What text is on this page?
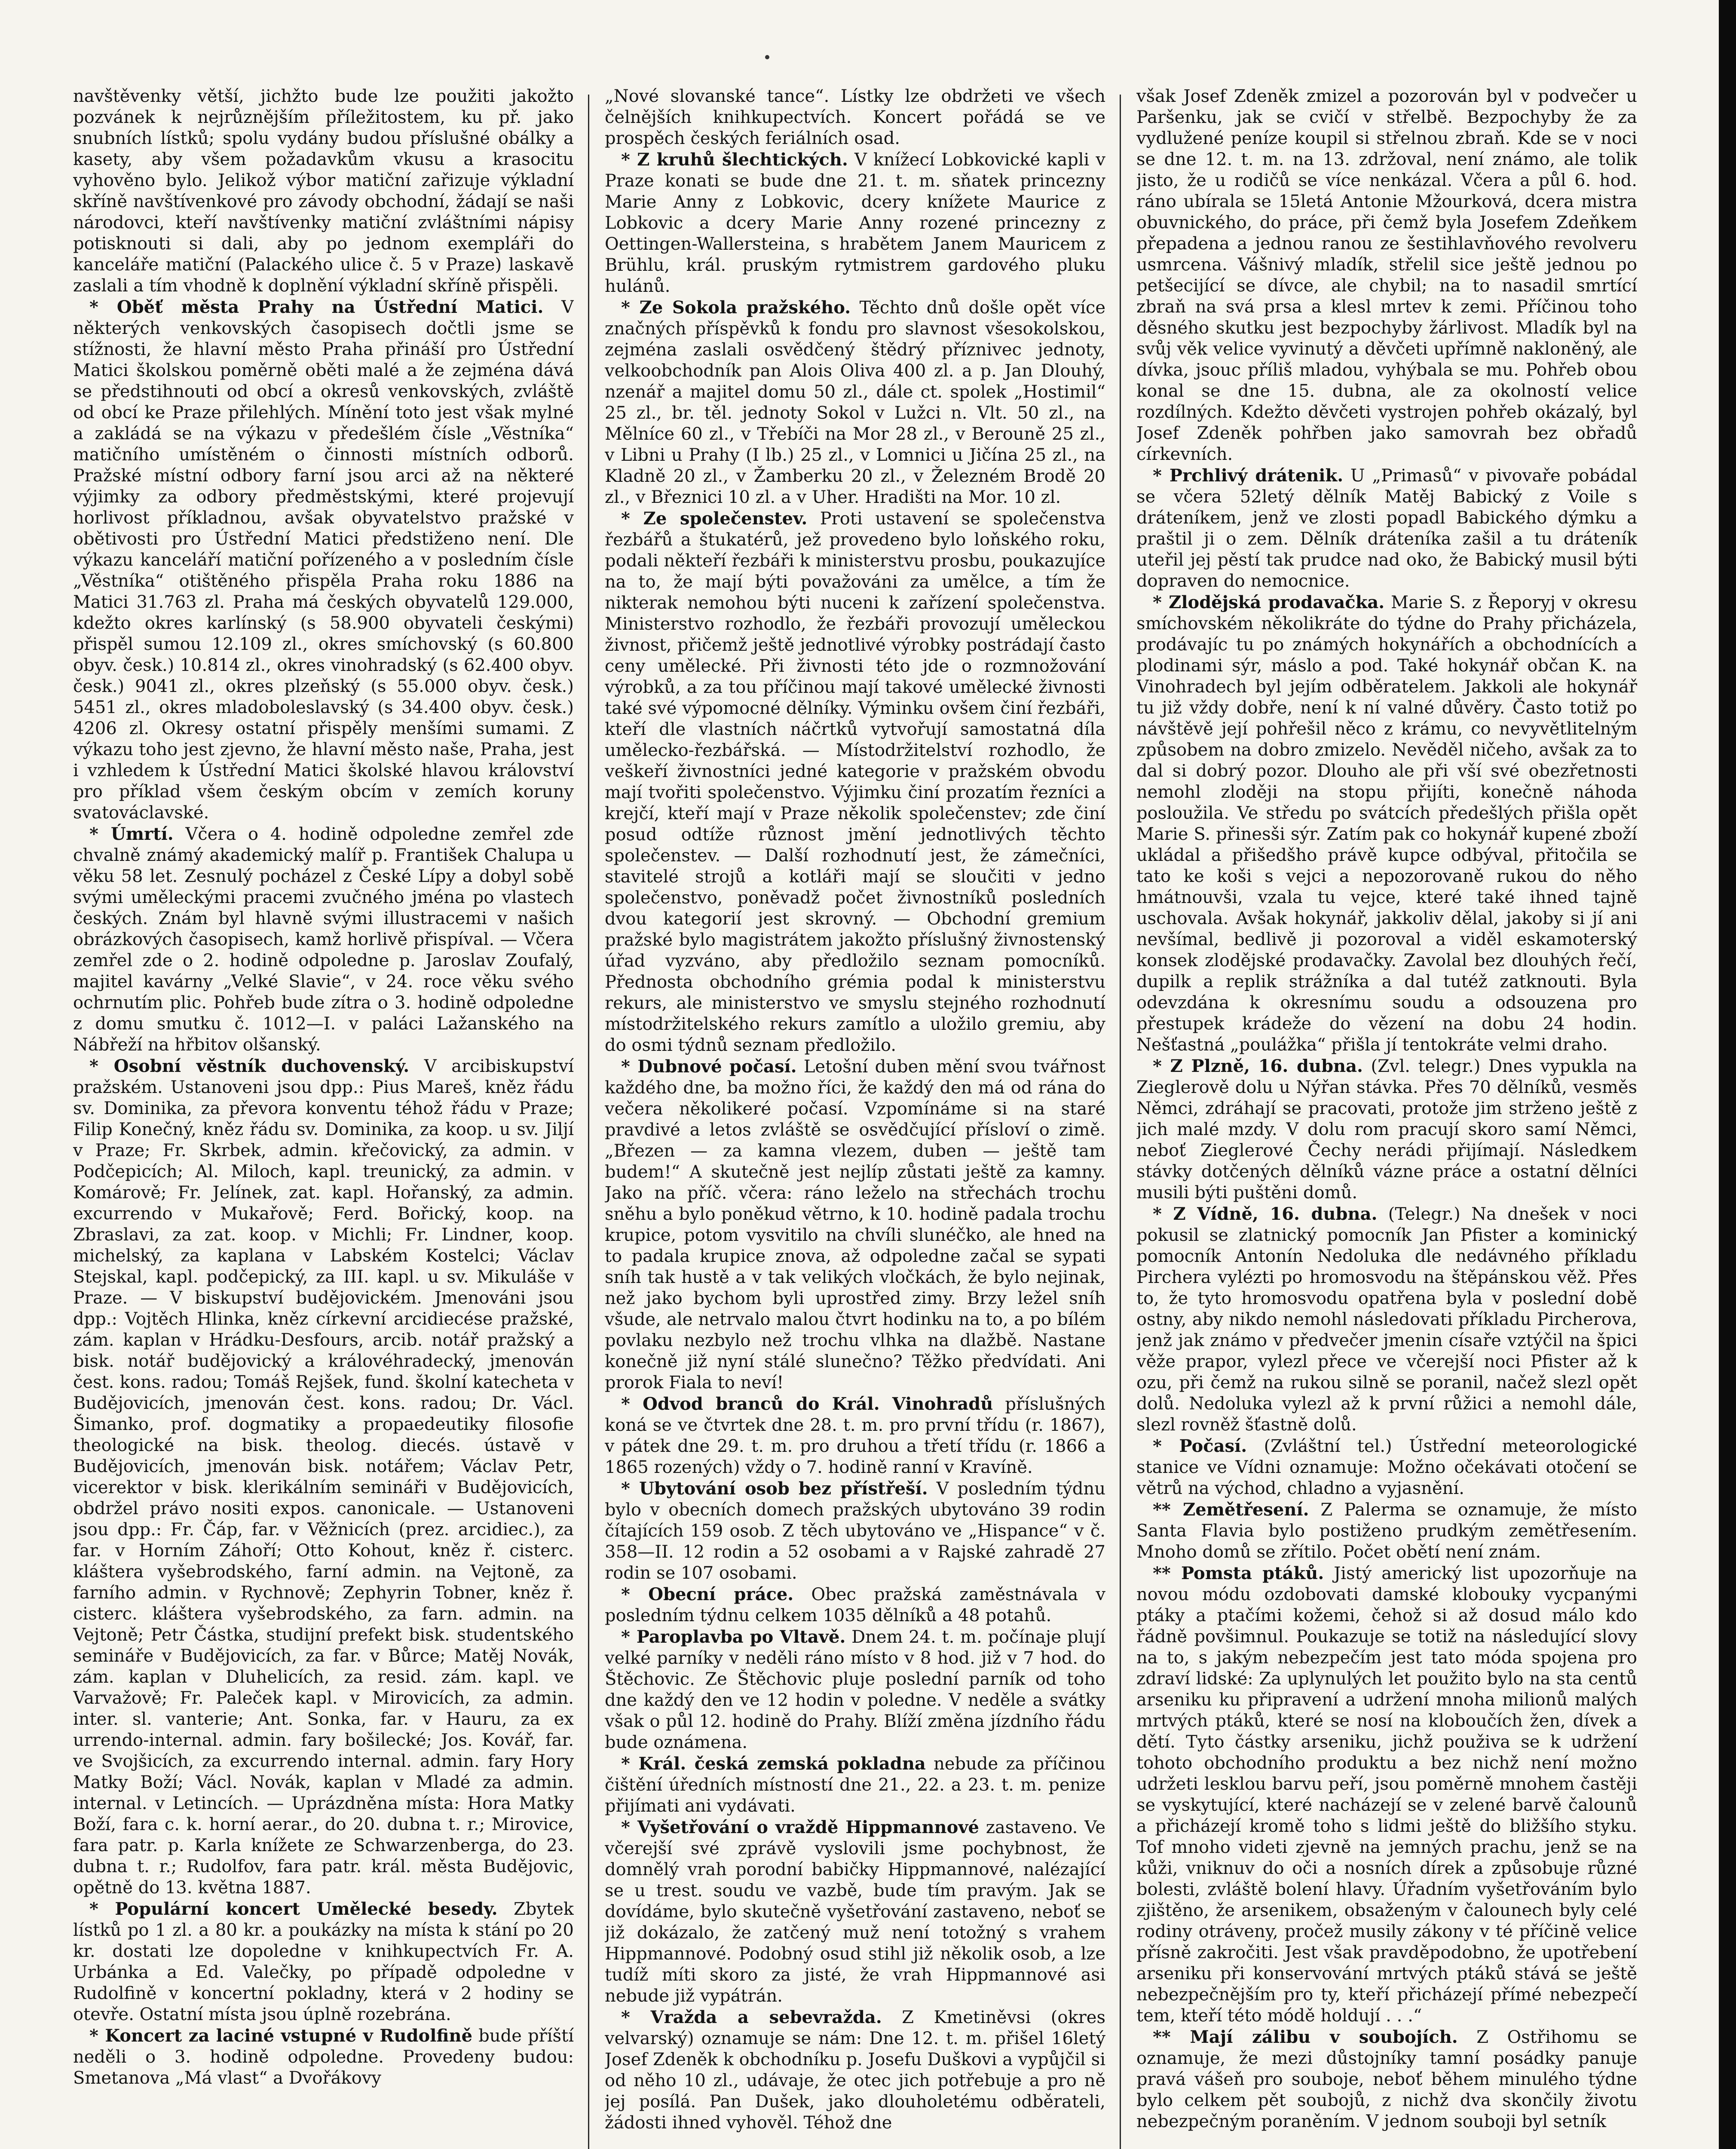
navštěvenky větší, jichžto bude lze použiti jakožto pozvánek k nejrůznějším příležitostem, ku př. jako snubních lístků; spolu vydány budou příslušné obálky a kasety, aby všem požadavkům vkusu a krasocitu vyhověno bylo. Jelikož výbor matiční zařizuje výkladní skříně navštívenkové pro závody obchodní, žádají se naši národovci, kteří navštívenky matiční zvláštními nápisy potisknouti si dali, aby po jednom exempláři do kanceláře matiční (Palackého ulice č. 5 v Praze) laskavě zaslali a tím vhodně k doplnění výkladní skříně přispěli.

* Oběť města Prahy na Ústřední Matici. V některých venkovských časopisech dočtli jsme se stížnosti, že hlavní město Praha přináší pro Ústřední Matici školskou poměrně oběti malé a že zejména dává se předstihnouti od obcí a okresů venkovských, zvláště od obcí ke Praze přilehlých. Mínění toto jest však mylné a zakládá se na výkazu v předešlém čísle „Věstníka“ matičního umístěném o činnosti místních odborů. Pražské místní odbory farní jsou arci až na některé výjimky za odbory předměstskými, které projevují horlivost příkladnou, avšak obyvatelstvo pražské v obětivosti pro Ústřední Matici předstiženo není. Dle výkazu kanceláří matiční pořízeného a v posledním čísle „Věstníka“ otištěného přispěla Praha roku 1886 na Matici 31.763 zl. Praha má českých obyvatelů 129.000, kdežto okres karlínský (s 58.900 obyvateli českými) přispěl sumou 12.109 zl., okres smíchovský (s 60.800 obyv. česk.) 10.814 zl., okres vinohradský (s 62.400 obyv. česk.) 9041 zl., okres plzeňský (s 55.000 obyv. česk.) 5451 zl., okres mladoboleslavský (s 34.400 obyv. česk.) 4206 zl. Okresy ostatní přispěly menšími sumami. Z výkazu toho jest zjevno, že hlavní město naše, Praha, jest i vzhledem k Ústřední Matici školské hlavou království pro příklad všem českým obcím v zemích koruny svatováclavské.

* Úmrtí. Včera o 4. hodině odpoledne zemřel zde chvalně známý akademický malíř p. František Chalupa u věku 58 let. Zesnulý pocházel z České Lípy a dobyl sobě svými uměleckými pracemi zvučného jména po vlastech českých. Znám byl hlavně svými illustracemi v našich obrázkových časopisech, kamž horlivě přispíval. — Včera zemřel zde o 2. hodině odpoledne p. Jaroslav Zoufalý, majitel kavárny „Velké Slavie“, v 24. roce věku svého ochrnutím plic. Pohřeb bude zítra o 3. hodině odpoledne z domu smutku č. 1012—I. v paláci Lažanského na Nábřeží na hřbitov olšanský.

* Osobní věstník duchovenský. V arcibiskupství pražském. Ustanoveni jsou dpp.: Pius Mareš, kněz řádu sv. Dominika, za převora konventu téhož řádu v Praze; Filip Konečný, kněz řádu sv. Dominika, za koop. u sv. Jiljí v Praze; Fr. Skrbek, admin. křečovický, za admin. v Podčepicích; Al. Miloch, kapl. treunický, za admin. v Komárově; Fr. Jelínek, zat. kapl. Hořanský, za admin. excurrendo v Mukařově; Ferd. Bořický, koop. na Zbraslavi, za zat. koop. v Michli; Fr. Lindner, koop. michelský, za kaplana v Labském Kostelci; Václav Stejskal, kapl. podčepický, za III. kapl. u sv. Mikuláše v Praze. — V biskupství budějovickém. Jmenováni jsou dpp.: Vojtěch Hlinka, kněz církevní arcidiecése pražské, zám. kaplan v Hrádku-Desfours, arcib. notář pražský a bisk. notář budějovický a královéhradecký, jmenován čest. kons. radou; Tomáš Rejšek, fund. školní katecheta v Budějovicích, jmenován čest. kons. radou; Dr. Václ. Šimanko, prof. dogmatiky a propaedeutiky filosofie theologické na bisk. theolog. diecés. ústavě v Budějovicích, jmenován bisk. notářem; Václav Petr, vicerektor v bisk. klerikálním semináři v Budějovicích, obdržel právo nositi expos. canonicale. — Ustanoveni jsou dpp.: Fr. Čáp, far. v Věžnicích (prez. arcidiec.), za far. v Horním Záhoří; Otto Kohout, kněz ř. cisterc. kláštera vyšebrodského, farní admin. na Vejtoně, za farního admin. v Rychnově; Zephyrin Tobner, kněz ř. cisterc. kláštera vyšebrodského, za farn. admin. na Vejtoně; Petr Částka, studijní prefekt bisk. studentského semináře v Budějovicích, za far. v Bůrce; Matěj Novák, zám. kaplan v Dluhelicích, za resid. zám. kapl. ve Varvažově; Fr. Paleček kapl. v Mirovicích, za admin. inter. sl. vanterie; Ant. Sonka, far. v Hauru, za ex urrendo-internal. admin. fary bošilecké; Jos. Kovář, far. ve Svojšicích, za excurrendo internal. admin. fary Hory Matky Boží; Václ. Novák, kaplan v Mladé za admin. internal. v Letincích. — Uprázdněna místa: Hora Matky Boží, fara c. k. horní aerar., do 20. dubna t. r.; Mirovice, fara patr. p. Karla knížete ze Schwarzenberga, do 23. dubna t. r.; Rudolfov, fara patr. král. města Budějovic, opětně do 13. května 1887.

* Populární koncert Umělecké besedy. Zbytek lístků po 1 zl. a 80 kr. a poukázky na místa k stání po 20 kr. dostati lze dopoledne v knihkupectvích Fr. A. Urbánka a Ed. Valečky, po případě odpoledne v Rudolfině v koncertní pokladny, která v 2 hodiny se otevře. Ostatní místa jsou úplně rozebrána.

* Koncert za laciné vstupné v Rudolfině bude příští neděli o 3. hodině odpoledne. Provedeny budou: Smetanova „Má vlast“ a Dvořákovy

„Nové slovanské tance“. Lístky lze obdržeti ve všech čelnějších knihkupectvích. Koncert pořádá se ve prospěch českých feriálních osad.

* Z kruhů šlechtických. V knížecí Lobkovické kapli v Praze konati se bude dne 21. t. m. sňatek princezny Marie Anny z Lobkovic, dcery knížete Maurice z Lobkovic a dcery Marie Anny rozené princezny z Oettingen-Wallersteina, s hrabětem Janem Mauricem z Brühlu, král. pruským rytmistrem gardového pluku hulánů.

* Ze Sokola pražského. Těchto dnů došle opět více značných příspěvků k fondu pro slavnost všesokolskou, zejména zaslali osvědčený štědrý příznivec jednoty, velkoobchodník pan Alois Oliva 400 zl. a p. Jan Dlouhý, nzenář a majitel domu 50 zl., dále ct. spolek „Hostimil“ 25 zl., br. těl. jednoty Sokol v Lužci n. Vlt. 50 zl., na Mělníce 60 zl., v Třebíči na Mor 28 zl., v Berouně 25 zl., v Libni u Prahy (I lb.) 25 zl., v Lomnici u Jičína 25 zl., na Kladně 20 zl., v Žamberku 20 zl., v Železném Brodě 20 zl., v Březnici 10 zl. a v Uher. Hradišti na Mor. 10 zl.

* Ze společenstev. Proti ustavení se společenstva řezbářů a štukatérů, jež provedeno bylo loňského roku, podali někteří řezbáři k ministerstvu prosbu, poukazujíce na to, že mají býti považováni za umělce, a tím že nikterak nemohou býti nuceni k zařízení společenstva. Ministerstvo rozhodlo, že řezbáři provozují uměleckou živnost, přičemž ještě jednotlivé výrobky postrádají často ceny umělecké. Při živnosti této jde o rozmnožování výrobků, a za tou příčinou mají takové umělecké živnosti také své výpomocné dělníky. Výminku ovšem činí řezbáři, kteří dle vlastních náčrtků vytvořují samostatná díla umělecko-řezbářská. — Místodržitelství rozhodlo, že veškeří živnostníci jedné kategorie v pražském obvodu mají tvořiti společenstvo. Výjimku činí prozatím řezníci a krejčí, kteří mají v Praze několik společenstev; zde činí posud odtíže různost jmění jednotlivých těchto společenstev. — Další rozhodnutí jest, že zámečníci, stavitelé strojů a kotláři mají se sloučiti v jedno společenstvo, poněvadž počet živnostníků posledních dvou kategorií jest skrovný. — Obchodní gremium pražské bylo magistrátem jakožto příslušný živnostenský úřad vyzváno, aby předložilo seznam pomocníků. Přednosta obchodního grémia podal k ministerstvu rekurs, ale ministerstvo ve smyslu stejného rozhodnutí místodržitelského rekurs zamítlo a uložilo gremiu, aby do osmi týdnů seznam předložilo.

* Dubnové počasí. Letošní duben mění svou tvářnost každého dne, ba možno říci, že každý den má od rána do večera několikeré počasí. Vzpomínáme si na staré pravdivé a letos zvláště se osvědčující přísloví o zimě. „Březen — za kamna vlezem, duben — ještě tam budem!“ A skutečně jest nejlíp zůstati ještě za kamny. Jako na příč. včera: ráno leželo na střechách trochu sněhu a bylo poněkud větrno, k 10. hodině padala trochu krupice, potom vysvitilo na chvíli slunéčko, ale hned na to padala krupice znova, až odpoledne začal se sypati sníh tak hustě a v tak velikých vločkách, že bylo nejinak, než jako bychom byli uprostřed zimy. Brzy ležel sníh všude, ale netrvalo malou čtvrt hodinku na to, a po bílém povlaku nezbylo než trochu vlhka na dlažbě. Nastane konečně již nyní stálé slunečno? Těžko předvídati. Ani prorok Fiala to neví!

* Odvod branců do Král. Vinohradů příslušných koná se ve čtvrtek dne 28. t. m. pro první třídu (r. 1867), v pátek dne 29. t. m. pro druhou a třetí třídu (r. 1866 a 1865 rozených) vždy o 7. hodině ranní v Kravíně.

* Ubytování osob bez přístřeší. V posledním týdnu bylo v obecních domech pražských ubytováno 39 rodin čítajících 159 osob. Z těch ubytováno ve „Hispance“ v č. 358—II. 12 rodin a 52 osobami a v Rajské zahradě 27 rodin se 107 osobami.

* Obecní práce. Obec pražská zaměstnávala v posledním týdnu celkem 1035 dělníků a 48 potahů.

* Paroplavba po Vltavě. Dnem 24. t. m. počínaje plují velké parníky v neděli ráno místo v 8 hod. již v 7 hod. do Štěchovic. Ze Štěchovic pluje poslední parník od toho dne každý den ve 12 hodin v poledne. V neděle a svátky však o půl 12. hodině do Prahy. Blíží změna jízdního řádu bude oznámena.

* Král. česká zemská pokladna nebude za příčinou čištění úředních místností dne 21., 22. a 23. t. m. penize přijímati ani vydávati.

* Vyšetřování o vraždě Hippmannové zastaveno. Ve včerejší své zprávě vyslovili jsme pochybnost, že domnělý vrah porodní babičky Hippmannové, nalézající se u trest. soudu ve vazbě, bude tím pravým. Jak se dovídáme, bylo skutečně vyšetřování zastaveno, neboť se již dokázalo, že zatčený muž není totožný s vrahem Hippmannové. Podobný osud stihl již několik osob, a lze tudíž míti skoro za jisté, že vrah Hippmannové asi nebude již vypátrán.

* Vražda a sebevražda. Z Kmetiněvsi (okres velvarský) oznamuje se nám: Dne 12. t. m. přišel 16letý Josef Zdeněk k obchodníku p. Josefu Duškovi a vypůjčil si od něho 10 zl., udávaje, že otec jich potřebuje a pro ně jej posílá. Pan Dušek, jako dlouholetému odběrateli, žádosti ihned vyhověl. Téhož dne

však Josef Zdeněk zmizel a pozorován byl v podvečer u Paršenku, jak se cvičí v střelbě. Bezpochyby že za vydlužené peníze koupil si střelnou zbraň. Kde se v noci se dne 12. t. m. na 13. zdržoval, není známo, ale tolik jisto, že u rodičů se více nenkázal. Včera a půl 6. hod. ráno ubírala se 15letá Antonie Mžourková, dcera mistra obuvnického, do práce, při čemž byla Josefem Zdeňkem přepadena a jednou ranou ze šestihlavňového revolveru usmrcena. Vášnivý mladík, střelil sice ještě jednou po petšecijící se dívce, ale chybil; na to nasadil smrtící zbraň na svá prsa a klesl mrtev k zemi. Příčinou toho děsného skutku jest bezpochyby žárlivost. Mladík byl na svůj věk velice vyvinutý a děvčeti upřímně nakloněný, ale dívka, jsouc příliš mladou, vyhýbala se mu. Pohřeb obou konal se dne 15. dubna, ale za okolností velice rozdílných. Kdežto děvčeti vystrojen pohřeb okázalý, byl Josef Zdeněk pohřben jako samovrah bez obřadů církevních.

* Prchlivý drátenik. U „Primasů“ v pivovaře pobádal se včera 52letý dělník Matěj Babický z Voile s dráteníkem, jenž ve zlosti popadl Babického dýmku a praštil ji o zem. Dělník dráteníka zašil a tu dráteník uteřil jej pěstí tak prudce nad oko, že Babický musil býti dopraven do nemocnice.

* Zlodějská prodavačka. Marie S. z Řeporyj v okresu smíchovském několikráte do týdne do Prahy přicházela, prodávajíc tu po známých hokynářích a obchodnících a plodinami sýr, máslo a pod. Také hokynář občan K. na Vinohradech byl jejím odběratelem. Jakkoli ale hokynář tu již vždy dobře, není k ní valné důvěry. Často totiž po návštěvě její pohřešil něco z krámu, co nevyvětlitelným způsobem na dobro zmizelo. Nevěděl ničeho, avšak za to dal si dobrý pozor. Dlouho ale při vší své obezřetnosti nemohl zloději na stopu přijíti, konečně náhoda posloužila. Ve středu po svátcích předešlých přišla opět Marie S. přinesši sýr. Zatím pak co hokynář kupené zboží ukládal a přišedšho právě kupce odbýval, přitočila se tato ke koši s vejci a nepozorovaně rukou do něho hmátnouvši, vzala tu vejce, které také ihned tajně uschovala. Avšak hokynář, jakkoliv dělal, jakoby si jí ani nevšímal, bedlivě ji pozoroval a viděl eskamoterský konsek zlodějské prodavačky. Zavolal bez dlouhých řečí, dupilk a replik strážníka a dal tutéž zatknouti. Byla odevzdána k okresnímu soudu a odsouzena pro přestupek krádeže do vězení na dobu 24 hodin. Nešťastná „poulážka“ přišla jí tentokráte velmi draho.

* Z Plzně, 16. dubna. (Zvl. telegr.) Dnes vypukla na Zieglerově dolu u Nýřan stávka. Přes 70 dělníků, vesměs Němci, zdráhají se pracovati, protože jim strženo ještě z jich malé mzdy. V dolu rom pracují skoro samí Němci, neboť Zieglerové Čechy nerádi přijímají. Následkem stávky dotčených dělníků vázne práce a ostatní dělníci musili býti puštěni domů.

* Z Vídně, 16. dubna. (Telegr.) Na dnešek v noci pokusil se zlatnický pomocník Jan Pfister a kominický pomocník Antonín Nedoluka dle nedávného příkladu Pirchera vylézti po hromosvodu na štěpánskou věž. Přes to, že tyto hromosvodu opatřena byla v poslední době ostny, aby nikdo nemohl následovati příkladu Pircherova, jenž jak známo v předvečer jmenin císaře vztýčil na špici věže prapor, vylezl přece ve včerejší noci Pfister až k ozu, při čemž na rukou silně se poranil, načež slezl opět dolů. Nedoluka vylezl až k první růžici a nemohl dále, slezl rovněž šťastně dolů.

* Počasí. (Zvláštní tel.) Ústřední meteorologické stanice ve Vídni oznamuje: Možno očekávati otočení se větrů na východ, chladno a vyjasnění.

** Zemětřesení. Z Palerma se oznamuje, že místo Santa Flavia bylo postiženo prudkým zemětřesením. Mnoho domů se zřítilo. Počet obětí není znám.

** Pomsta ptáků. Jistý americký list upozorňuje na novou módu ozdobovati damské klobouky vycpanými ptáky a ptačími kožemi, čehož si až dosud málo kdo řádně povšimnul. Poukazuje se totiž na následující slovy na to, s jakým nebezpečím jest tato móda spojena pro zdraví lidské: Za uplynulých let použito bylo na sta centů arseniku ku připravení a udržení mnoha milionů malých mrtvých ptáků, které se nosí na kloboučích žen, dívek a dětí. Tyto částky arseniku, jichž použiva se k udržení tohoto obchodního produktu a bez nichž není možno udržeti lesklou barvu peří, jsou poměrně mnohem častěji se vyskytující, které nacházejí se v zelené barvě čalounů a přicházejí kromě toho s lidmi ještě do bližšího styku. Tof mnoho videti zjevně na jemných prachu, jenž se na kůži, vniknuv do oči a nosních dírek a způsobuje různé bolesti, zvláště bolení hlavy. Úřadním vyšetřováním bylo zjištěno, že arsenikem, obsaženým v čalounech byly celé rodiny otráveny, pročež musily zákony v té příčině velice přísně zakročiti. Jest však pravděpodobno, že upotřebení arseniku při konservování mrtvých ptáků stává se ještě nebezpečnějším pro ty, kteří přicházejí přímé nebezpečí tem, kteří této módě holdují . . .“

** Mají zálibu v soubojích. Z Ostřihomu se oznamuje, že mezi důstojníky tamní posádky panuje pravá vášeň pro souboje, neboť během minulého týdne bylo celkem pět soubojů, z nichž dva skončily životu nebezpečným poraněním. V jednom souboji byl setník
